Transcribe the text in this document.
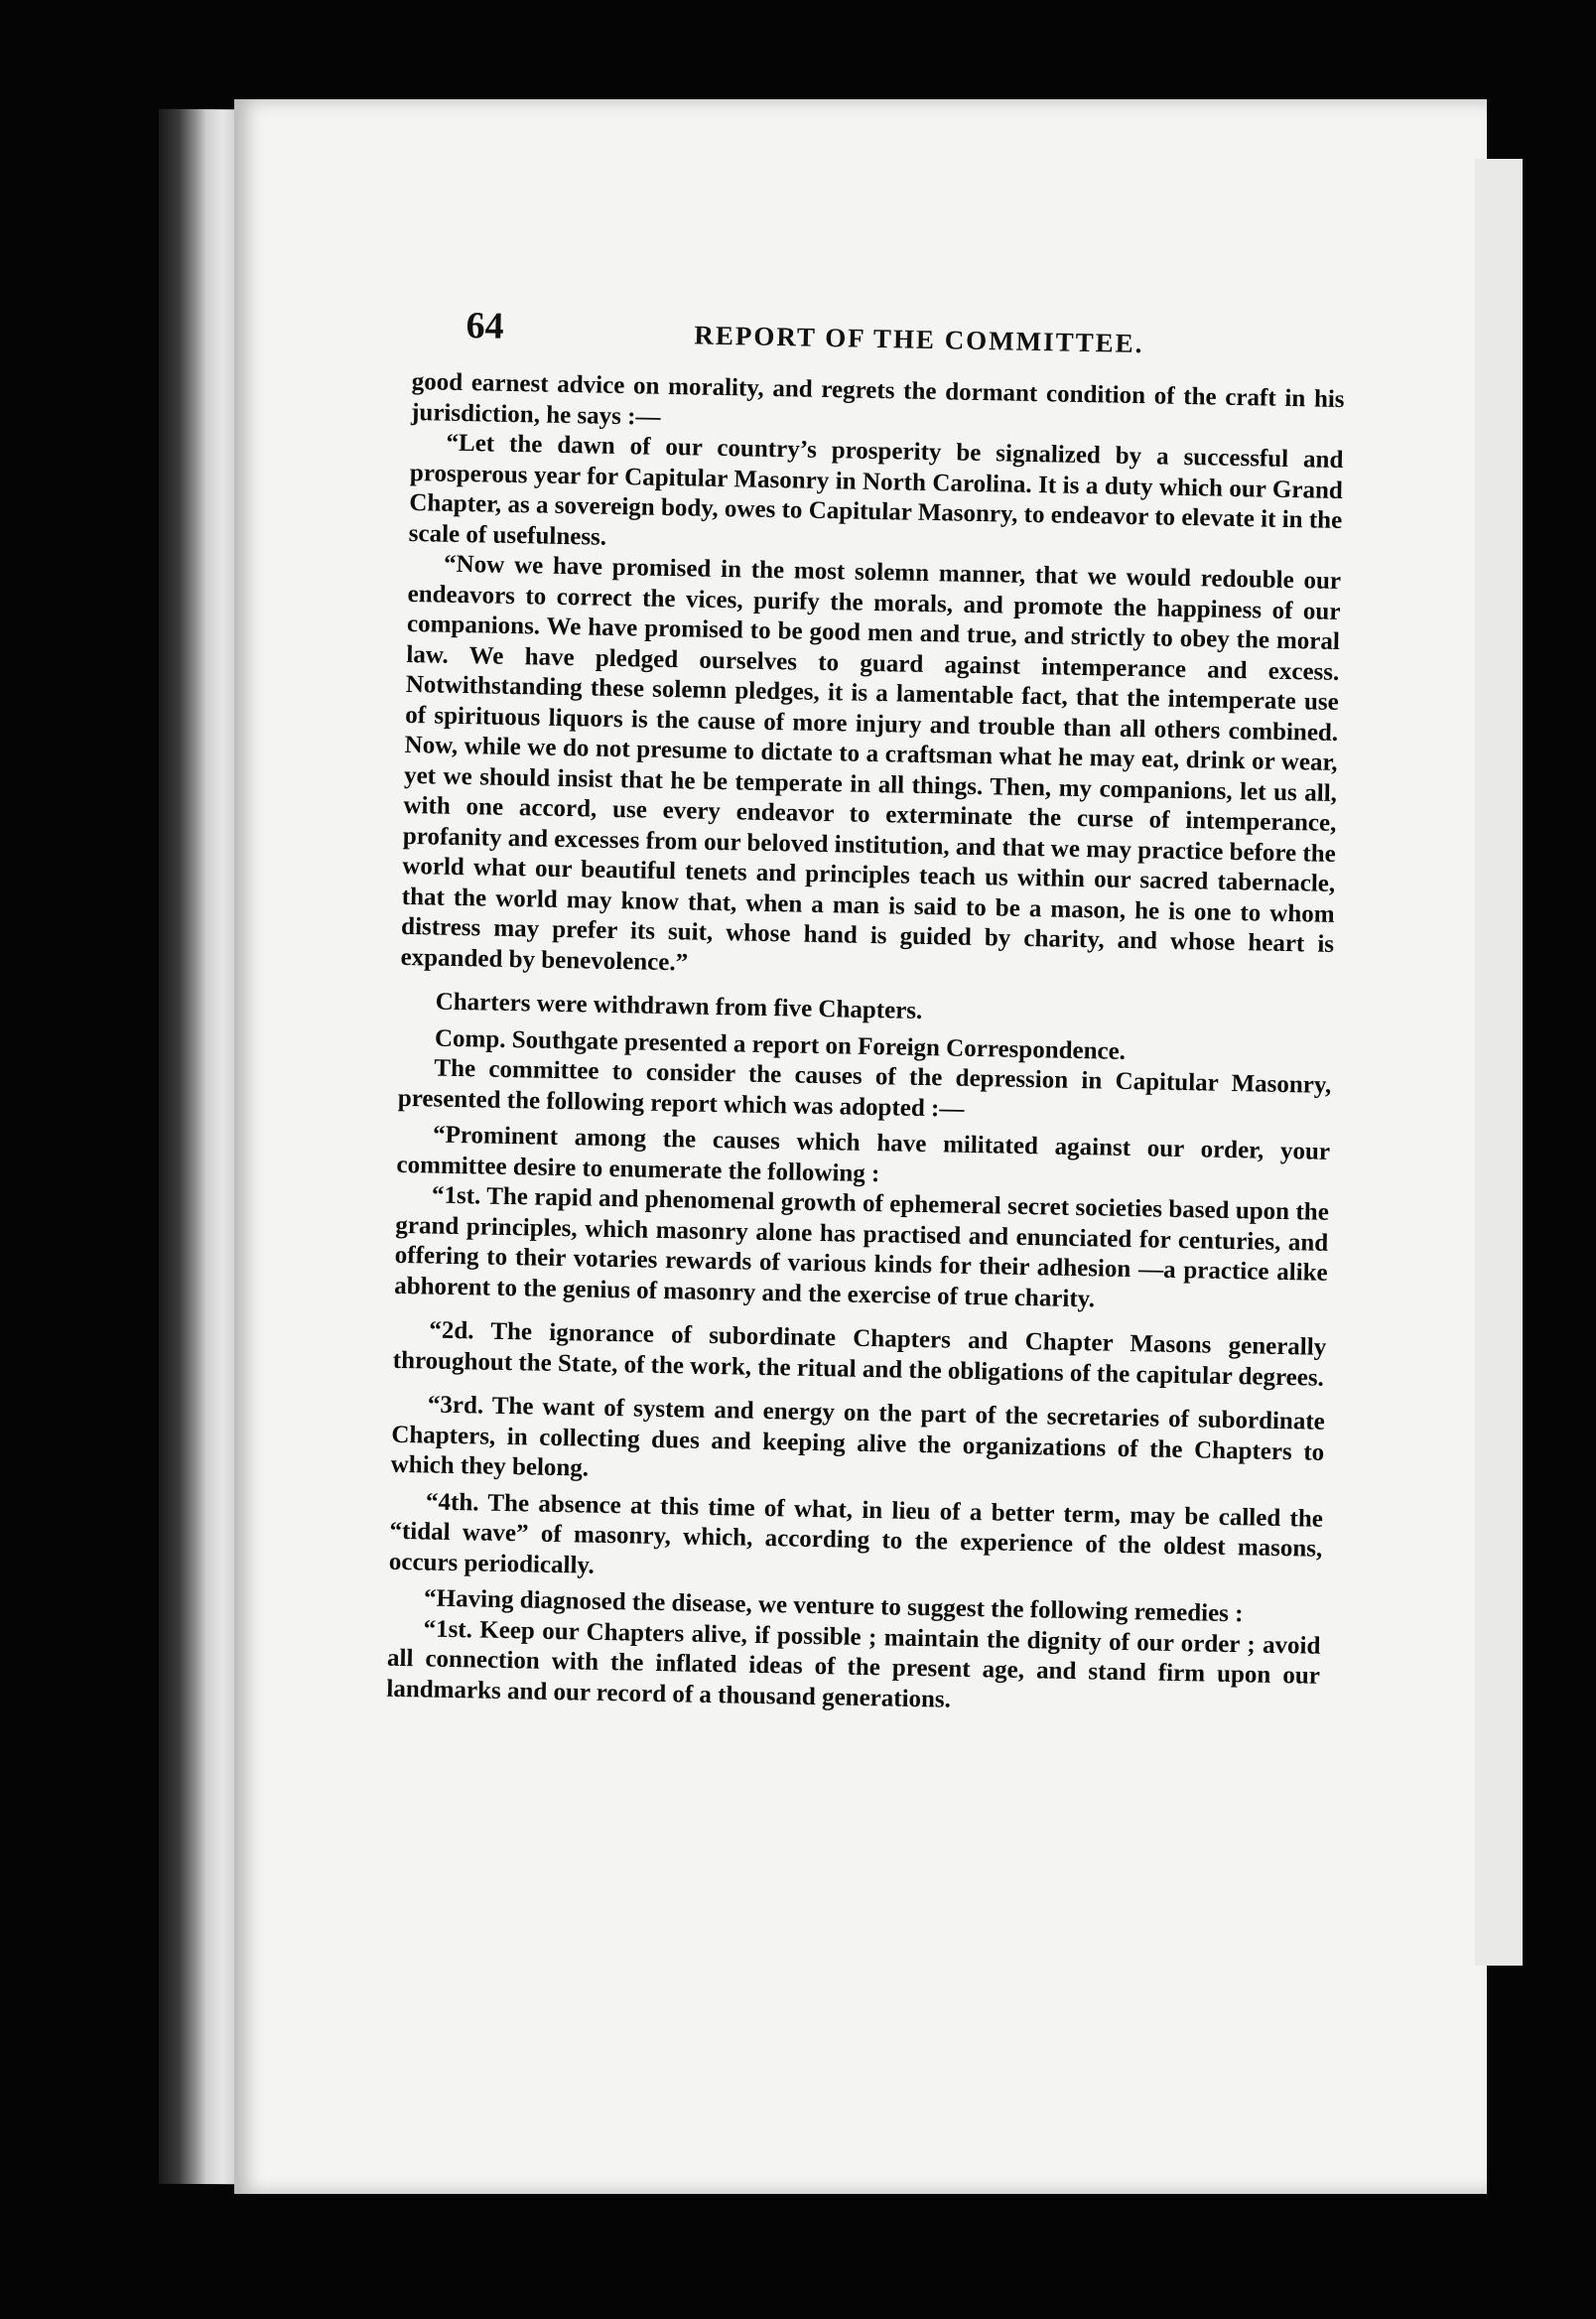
64	REPORT OF THE COMMITTEE.

good earnest advice on morality, and regrets the dormant condition of the craft in his jurisdiction, he says :—

“Let the dawn of our country’s prosperity be signalized by a successful and prosperous year for Capitular Masonry in North Carolina. It is a duty which our Grand Chapter, as a sovereign body, owes to Capitular Masonry, to endeavor to elevate it in the scale of usefulness.

“Now we have promised in the most solemn manner, that we would redouble our endeavors to correct the vices, purify the morals, and promote the happiness of our companions. We have promised to be good men and true, and strictly to obey the moral law. We have pledged ourselves to guard against intemperance and excess. Notwithstanding these solemn pledges, it is a lamentable fact, that the intemperate use of spirituous liquors is the cause of more injury and trouble than all others combined. Now, while we do not presume to dictate to a craftsman what he may eat, drink or wear, yet we should insist that he be temperate in all things. Then, my companions, let us all, with one accord, use every endeavor to exterminate the curse of intemperance, profanity and excesses from our beloved institution, and that we may practice before the world what our beautiful tenets and principles teach us within our sacred tabernacle, that the world may know that, when a man is said to be a mason, he is one to whom distress may prefer its suit, whose hand is guided by charity, and whose heart is expanded by benevolence.”

Charters were withdrawn from five Chapters.

Comp. Southgate presented a report on Foreign Correspondence.

The committee to consider the causes of the depression in Capitular Masonry, presented the following report which was adopted :—

“Prominent among the causes which have militated against our order, your committee desire to enumerate the following :

“1st. The rapid and phenomenal growth of ephemeral secret societies based upon the grand principles, which masonry alone has practised and enunciated for centuries, and offering to their votaries rewards of various kinds for their adhesion —a practice alike abhorent to the genius of masonry and the exercise of true charity.

“2d. The ignorance of subordinate Chapters and Chapter Masons generally throughout the State, of the work, the ritual and the obligations of the capitular degrees.

“3rd. The want of system and energy on the part of the secretaries of subordinate Chapters, in collecting dues and keeping alive the organizations of the Chapters to which they belong.

“4th. The absence at this time of what, in lieu of a better term, may be called the “tidal wave” of masonry, which, according to the experience of the oldest masons, occurs periodically.

“Having diagnosed the disease, we venture to suggest the following remedies :

“1st. Keep our Chapters alive, if possible ; maintain the dignity of our order ; avoid all connection with the inflated ideas of the present age, and stand firm upon our landmarks and our record of a thousand generations.
